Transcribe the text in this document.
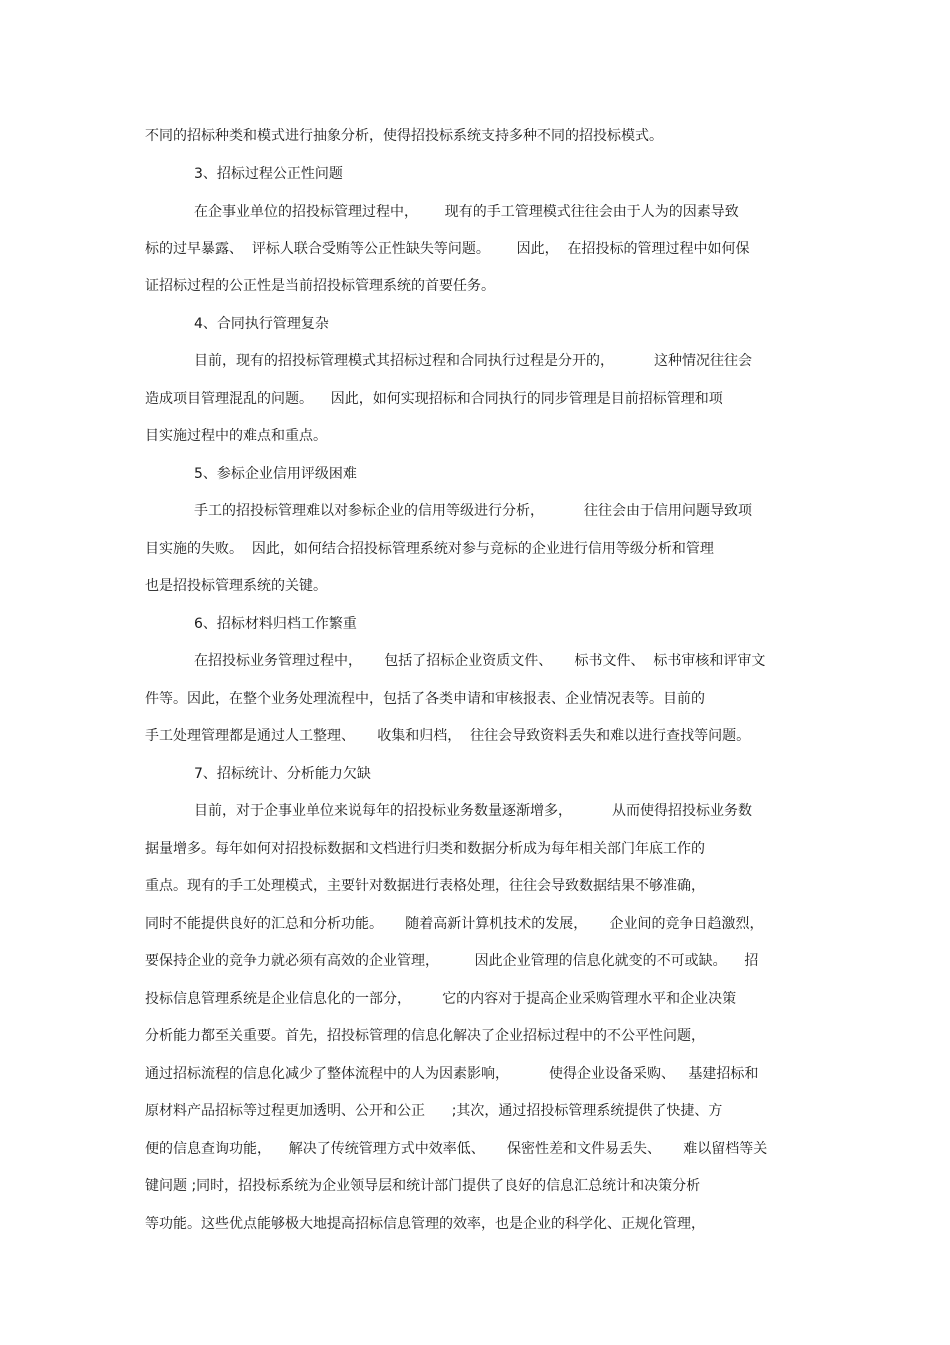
不同的招标种类和模式进行抽象分析，使得招投标系统支持多种不同的招投标模式。
3、招标过程公正性问题
在企事业单位的招投标管理过程中，      现有的手工管理模式往往会由于人为的因素导致
标的过早暴露、  评标人联合受贿等公正性缺失等问题。      因此，  在招投标的管理过程中如何保
证招标过程的公正性是当前招投标管理系统的首要任务。
4、合同执行管理复杂
目前，现有的招投标管理模式其招标过程和合同执行过程是分开的，         这种情况往往会
造成项目管理混乱的问题。    因此，如何实现招标和合同执行的同步管理是目前招标管理和项
目实施过程中的难点和重点。
5、参标企业信用评级困难
手工的招投标管理难以对参标企业的信用等级进行分析，         往往会由于信用问题导致项
目实施的失败。  因此，如何结合招投标管理系统对参与竞标的企业进行信用等级分析和管理
也是招投标管理系统的关键。
6、招标材料归档工作繁重
在招投标业务管理过程中，     包括了招标企业资质文件、     标书文件、  标书审核和评审文
件等。因此，在整个业务处理流程中，包括了各类申请和审核报表、企业情况表等。目前的
手工处理管理都是通过人工整理、     收集和归档，  往往会导致资料丢失和难以进行查找等问题。
7、招标统计、分析能力欠缺
目前，对于企事业单位来说每年的招投标业务数量逐渐增多，         从而使得招投标业务数
据量增多。每年如何对招投标数据和文档进行归类和数据分析成为每年相关部门年底工作的
重点。现有的手工处理模式，主要针对数据进行表格处理，往往会导致数据结果不够准确，
同时不能提供良好的汇总和分析功能。     随着高新计算机技术的发展，     企业间的竞争日趋激烈，
要保持企业的竞争力就必须有高效的企业管理，        因此企业管理的信息化就变的不可或缺。    招
投标信息管理系统是企业信息化的一部分，       它的内容对于提高企业采购管理水平和企业决策
分析能力都至关重要。首先，招投标管理的信息化解决了企业招标过程中的不公平性问题，
通过招标流程的信息化减少了整体流程中的人为因素影响，         使得企业设备采购、   基建招标和
原材料产品招标等过程更加透明、公开和公正      ;其次，通过招投标管理系统提供了快捷、方
便的信息查询功能，    解决了传统管理方式中效率低、     保密性差和文件易丢失、     难以留档等关
键问题 ;同时，招投标系统为企业领导层和统计部门提供了良好的信息汇总统计和决策分析
等功能。这些优点能够极大地提高招标信息管理的效率，也是企业的科学化、正规化管理，
